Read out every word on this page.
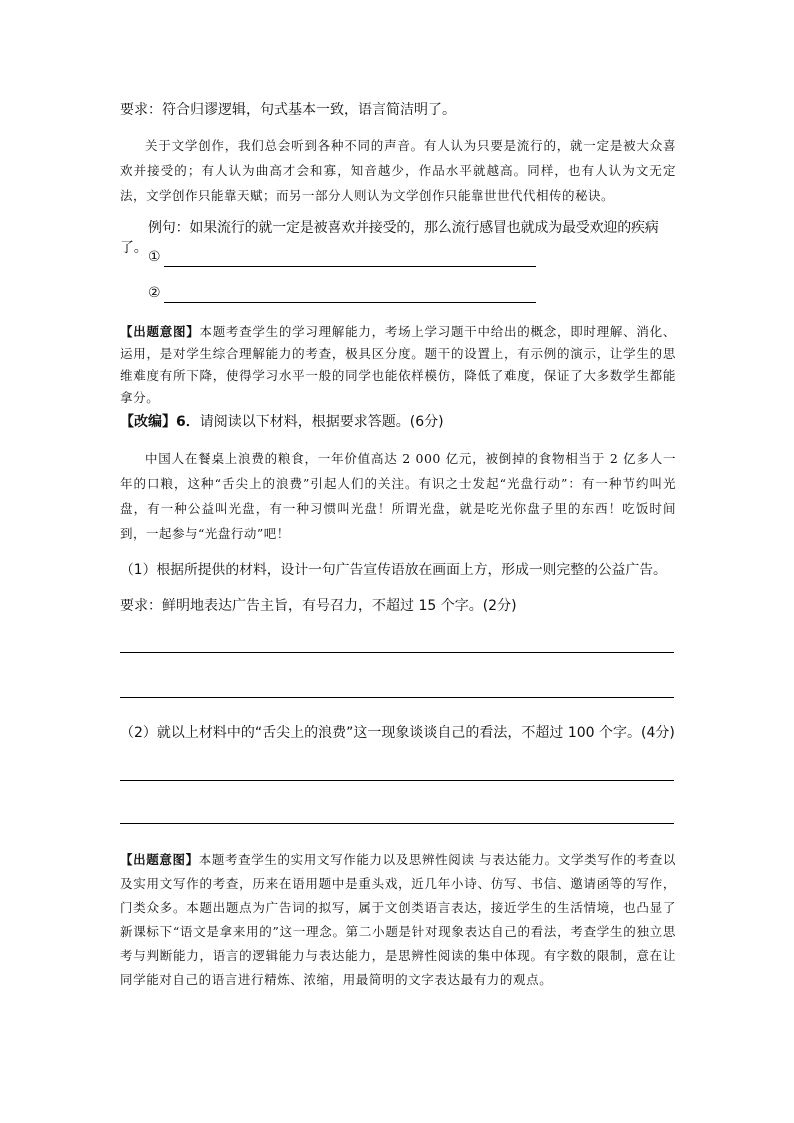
要求：符合归谬逻辑，句式基本一致，语言简洁明了。
关于文学创作，我们总会听到各种不同的声音。有人认为只要是流行的，就一定是被大众喜欢并接受的；有人认为曲高才会和寡，知音越少，作品水平就越高。同样，也有人认为文无定法，文学创作只能靠天赋；而另一部分人则认为文学创作只能靠世世代代相传的秘诀。
例句：如果流行的就一定是被喜欢并接受的，那么流行感冒也就成为最受欢迎的疾病了。
①
②
【出题意图】本题考查学生的学习理解能力，考场上学习题干中给出的概念，即时理解、消化、运用，是对学生综合理解能力的考查，极具区分度。题干的设置上，有示例的演示，让学生的思维难度有所下降，使得学习水平一般的同学也能依样模仿，降低了难度，保证了大多数学生都能拿分。
【改编】6．请阅读以下材料，根据要求答题。(6分)
中国人在餐桌上浪费的粮食，一年价值高达 2 000 亿元，被倒掉的食物相当于 2 亿多人一年的口粮，这种“舌尖上的浪费”引起人们的关注。有识之士发起“光盘行动”：有一种节约叫光盘，有一种公益叫光盘，有一种习惯叫光盘！所谓光盘，就是吃光你盘子里的东西！吃饭时间到，一起参与“光盘行动”吧！
（1）根据所提供的材料，设计一句广告宣传语放在画面上方，形成一则完整的公益广告。
要求：鲜明地表达广告主旨，有号召力，不超过 15 个字。(2分)
（2）就以上材料中的“舌尖上的浪费”这一现象谈谈自己的看法，不超过 100 个字。(4分)
【出题意图】本题考查学生的实用文写作能力以及思辨性阅读 与表达能力。文学类写作的考查以及实用文写作的考查，历来在语用题中是重头戏，近几年小诗、仿写、书信、邀请函等的写作，门类众多。本题出题点为广告词的拟写，属于文创类语言表达，接近学生的生活情境，也凸显了新课标下“语文是拿来用的”这一理念。第二小题是针对现象表达自己的看法，考查学生的独立思考与判断能力，语言的逻辑能力与表达能力，是思辨性阅读的集中体现。有字数的限制，意在让同学能对自己的语言进行精炼、浓缩，用最简明的文字表达最有力的观点。
